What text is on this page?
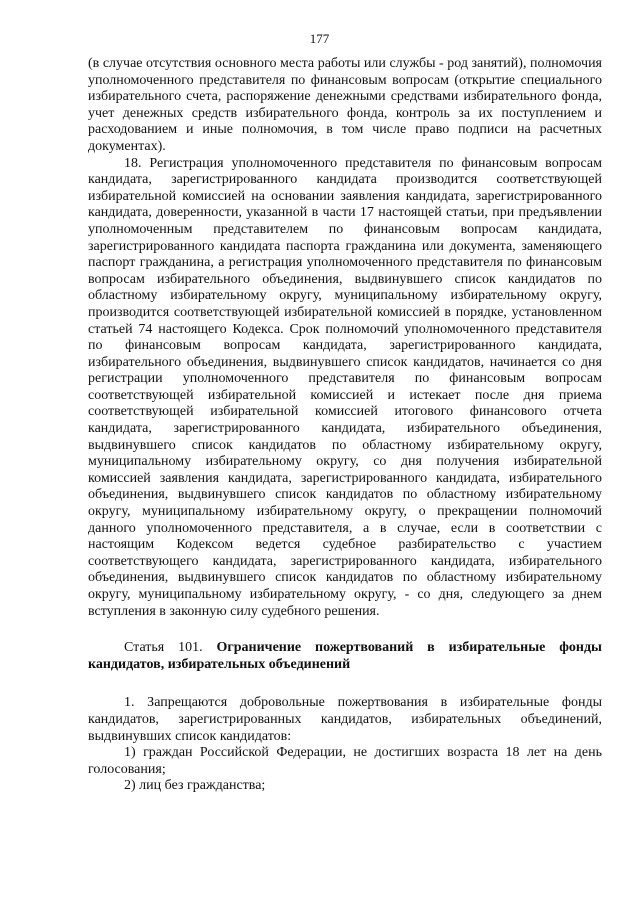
177

(в случае отсутствия основного места работы или службы - род занятий), полномочия уполномоченного представителя по финансовым вопросам (открытие специального избирательного счета, распоряжение денежными средствами избирательного фонда, учет денежных средств избирательного фонда, контроль за их поступлением и расходованием и иные полномочия, в том числе право подписи на расчетных документах).

18. Регистрация уполномоченного представителя по финансовым вопросам кандидата, зарегистрированного кандидата производится соответствующей избирательной комиссией на основании заявления кандидата, зарегистрированного кандидата, доверенности, указанной в части 17 настоящей статьи, при предъявлении уполномоченным представителем по финансовым вопросам кандидата, зарегистрированного кандидата паспорта гражданина или документа, заменяющего паспорт гражданина, а регистрация уполномоченного представителя по финансовым вопросам избирательного объединения, выдвинувшего список кандидатов по областному избирательному округу, муниципальному избирательному округу, производится соответствующей избирательной комиссией в порядке, установленном статьей 74 настоящего Кодекса. Срок полномочий уполномоченного представителя по финансовым вопросам кандидата, зарегистрированного кандидата, избирательного объединения, выдвинувшего список кандидатов, начинается со дня регистрации уполномоченного представителя по финансовым вопросам соответствующей избирательной комиссией и истекает после дня приема соответствующей избирательной комиссией итогового финансового отчета кандидата, зарегистрированного кандидата, избирательного объединения, выдвинувшего список кандидатов по областному избирательному округу, муниципальному избирательному округу, со дня получения избирательной комиссией заявления кандидата, зарегистрированного кандидата, избирательного объединения, выдвинувшего список кандидатов по областному избирательному округу, муниципальному избирательному округу, о прекращении полномочий данного уполномоченного представителя, а в случае, если в соответствии с настоящим Кодексом ведется судебное разбирательство с участием соответствующего кандидата, зарегистрированного кандидата, избирательного объединения, выдвинувшего список кандидатов по областному избирательному округу, муниципальному избирательному округу, - со дня, следующего за днем вступления в законную силу судебного решения.

Статья 101. Ограничение пожертвований в избирательные фонды кандидатов, избирательных объединений

1. Запрещаются добровольные пожертвования в избирательные фонды кандидатов, зарегистрированных кандидатов, избирательных объединений, выдвинувших список кандидатов:

1) граждан Российской Федерации, не достигших возраста 18 лет на день голосования;

2) лиц без гражданства;
